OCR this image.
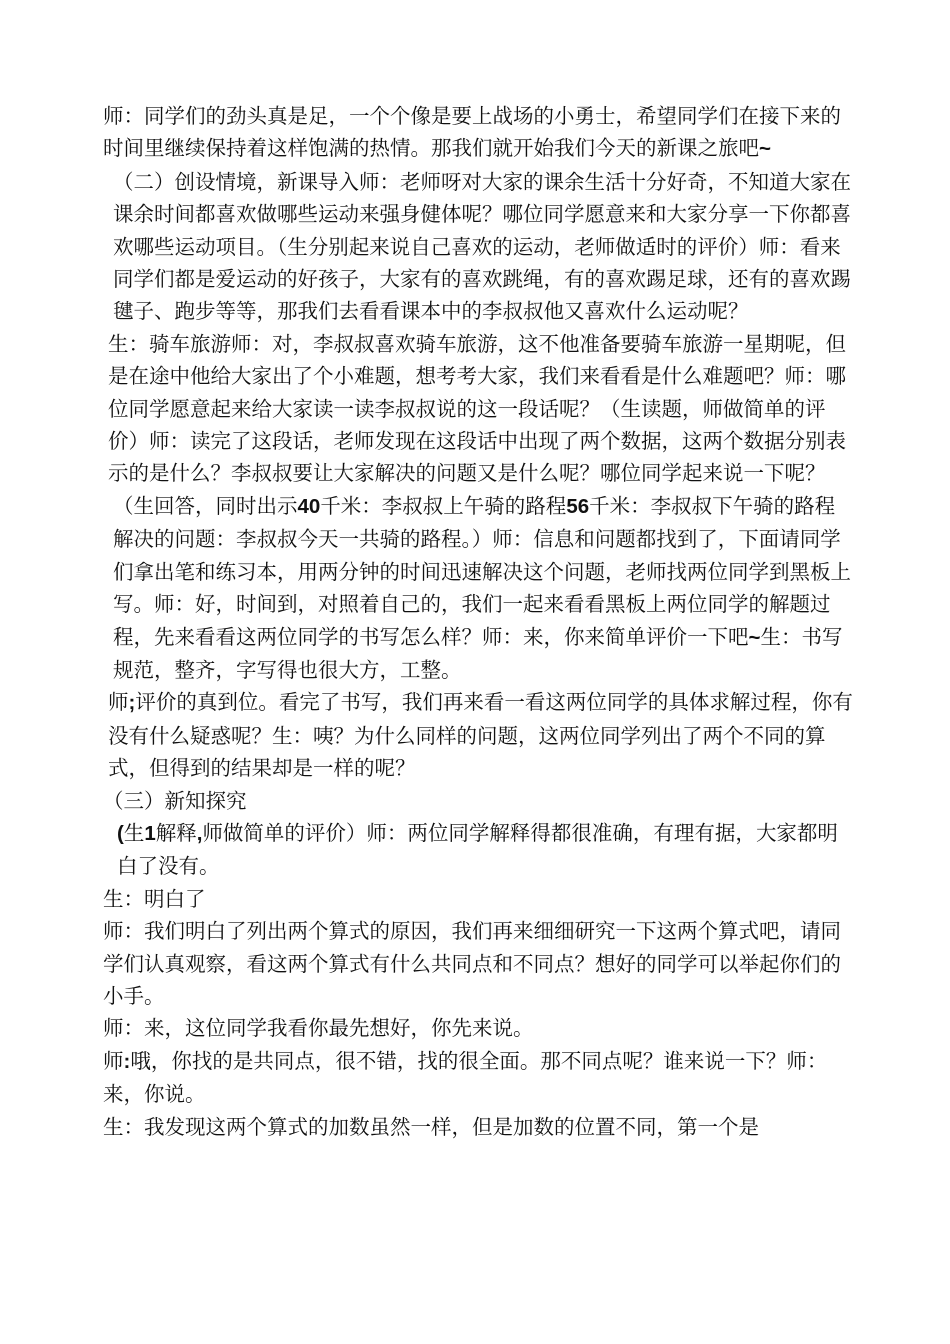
师：同学们的劲头真是足，一个个像是要上战场的小勇士，希望同学们在接下来的时间里继续保持着这样饱满的热情。那我们就开始我们今天的新课之旅吧~

（二）创设情境，新课导入师：老师呀对大家的课余生活十分好奇，不知道大家在课余时间都喜欢做哪些运动来强身健体呢？哪位同学愿意来和大家分享一下你都喜欢哪些运动项目。（生分别起来说自己喜欢的运动，老师做适时的评价）师：看来同学们都是爱运动的好孩子，大家有的喜欢跳绳，有的喜欢踢足球，还有的喜欢踢毽子、跑步等等，那我们去看看课本中的李叔叔他又喜欢什么运动呢？

生：骑车旅游师：对，李叔叔喜欢骑车旅游，这不他准备要骑车旅游一星期呢，但是在途中他给大家出了个小难题，想考考大家，我们来看看是什么难题吧？师：哪位同学愿意起来给大家读一读李叔叔说的这一段话呢？（生读题，师做简单的评价）师：读完了这段话，老师发现在这段话中出现了两个数据，这两个数据分别表示的是什么？李叔叔要让大家解决的问题又是什么呢？哪位同学起来说一下呢？

（生回答，同时出示40千米：李叔叔上午骑的路程56千米：李叔叔下午骑的路程解决的问题：李叔叔今天一共骑的路程。）师：信息和问题都找到了，下面请同学们拿出笔和练习本，用两分钟的时间迅速解决这个问题，老师找两位同学到黑板上写。师：好，时间到，对照着自己的，我们一起来看看黑板上两位同学的解题过程，先来看看这两位同学的书写怎么样？师：来，你来简单评价一下吧~生：书写规范，整齐，字写得也很大方，工整。

师;评价的真到位。看完了书写，我们再来看一看这两位同学的具体求解过程，你有没有什么疑惑呢？生：咦？为什么同样的问题，这两位同学列出了两个不同的算式，但得到的结果却是一样的呢？

（三）新知探究

(生1解释,师做简单的评价）师：两位同学解释得都很准确，有理有据，大家都明白了没有。

生：明白了

师：我们明白了列出两个算式的原因，我们再来细细研究一下这两个算式吧，请同学们认真观察，看这两个算式有什么共同点和不同点？想好的同学可以举起你们的小手。

师：来，这位同学我看你最先想好，你先来说。

师:哦，你找的是共同点，很不错，找的很全面。那不同点呢？谁来说一下？师：来，你说。

生：我发现这两个算式的加数虽然一样，但是加数的位置不同，第一个是
